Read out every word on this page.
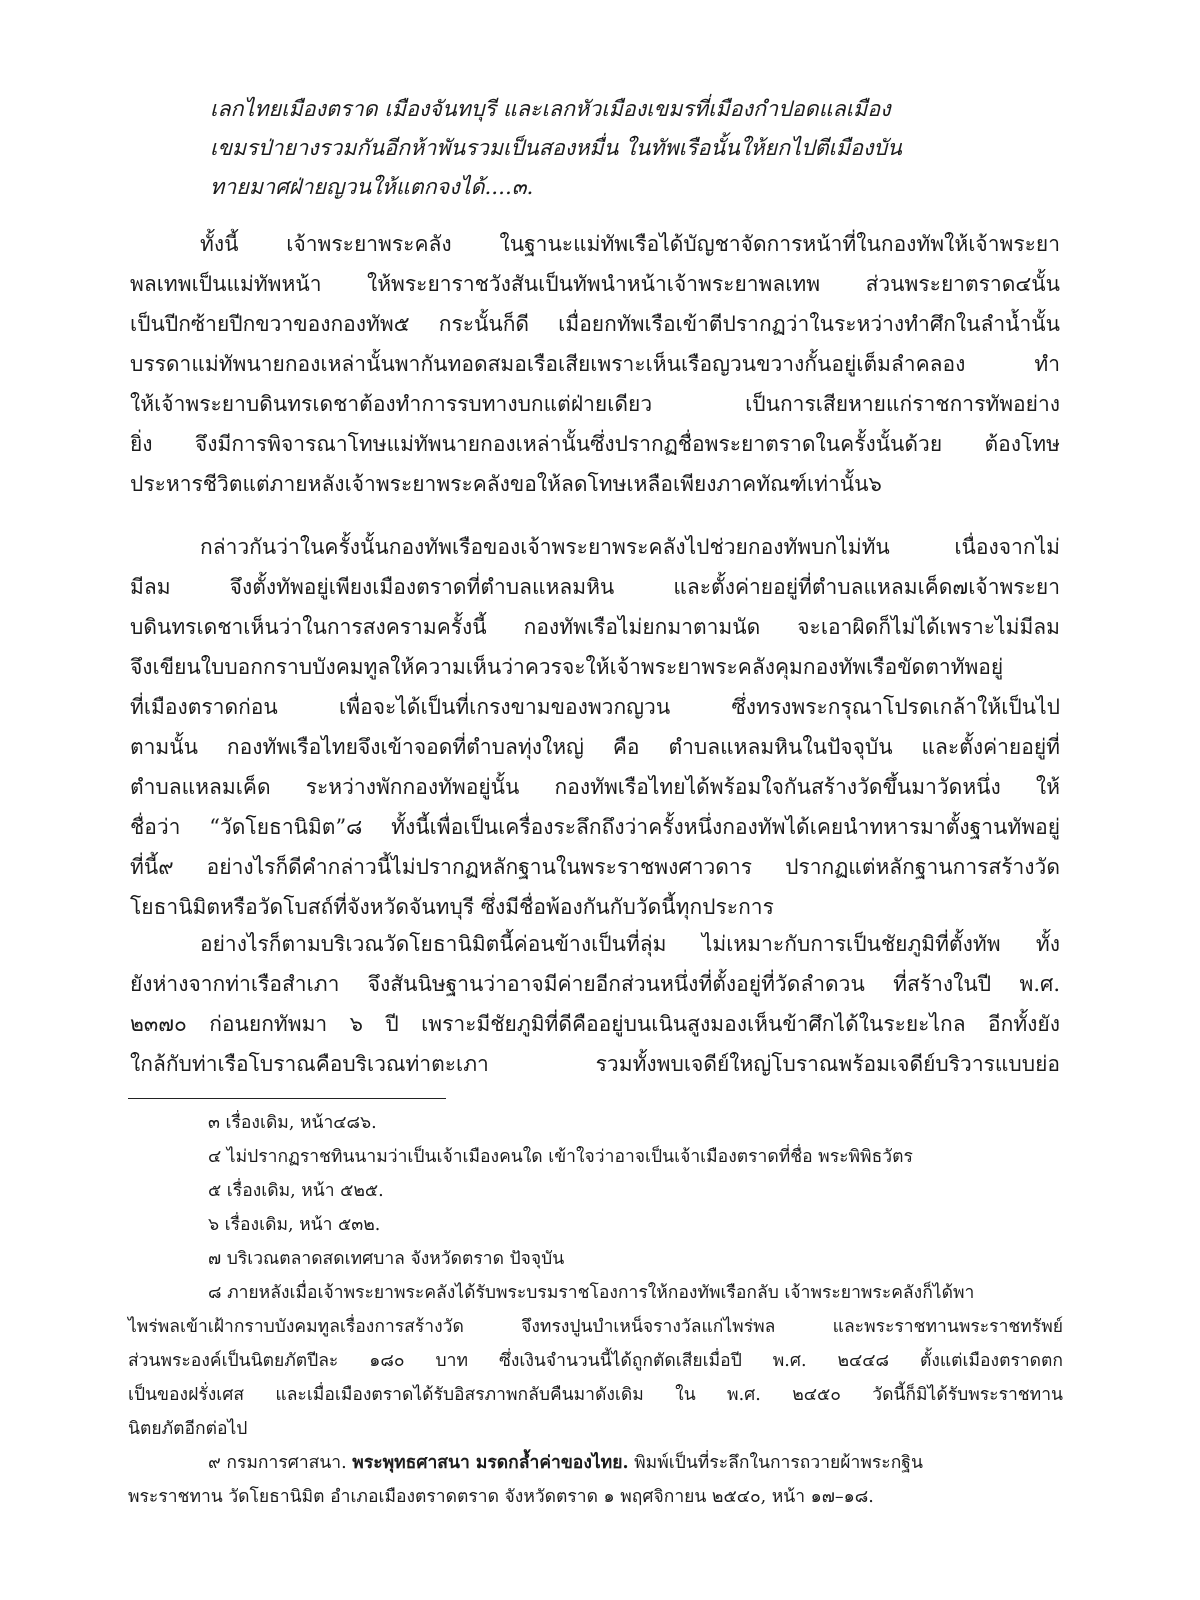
เลกไทยเมืองตราด เมืองจันทบุรี และเลกหัวเมืองเขมรที่เมืองกำปอดแลเมือง
เขมรป่ายางรวมกันอีกห้าพันรวมเป็นสองหมื่น ในทัพเรือนั้นให้ยกไปตีเมืองบัน
ทายมาศฝ่ายญวนให้แตกจงได้....๓.
ทั้งนี้ เจ้าพระยาพระคลัง ในฐานะแม่ทัพเรือได้บัญชาจัดการหน้าที่ในกองทัพให้เจ้าพระยา
พลเทพเป็นแม่ทัพหน้า ให้พระยาราชวังสันเป็นทัพนำหน้าเจ้าพระยาพลเทพ ส่วนพระยาตราด๔นั้น
เป็นปีกซ้ายปีกขวาของกองทัพ๕ กระนั้นก็ดี เมื่อยกทัพเรือเข้าตีปรากฏว่าในระหว่างทำศึกในลำน้ำนั้น
บรรดาแม่ทัพนายกองเหล่านั้นพากันทอดสมอเรือเสียเพราะเห็นเรือญวนขวางกั้นอยู่เต็มลำคลอง ทำ
ให้เจ้าพระยาบดินทรเดชาต้องทำการรบทางบกแต่ฝ่ายเดียว เป็นการเสียหายแก่ราชการทัพอย่าง
ยิ่ง จึงมีการพิจารณาโทษแม่ทัพนายกองเหล่านั้นซึ่งปรากฏชื่อพระยาตราดในครั้งนั้นด้วย ต้องโทษ
ประหารชีวิตแต่ภายหลังเจ้าพระยาพระคลังขอให้ลดโทษเหลือเพียงภาคทัณฑ์เท่านั้น๖
กล่าวกันว่าในครั้งนั้นกองทัพเรือของเจ้าพระยาพระคลังไปช่วยกองทัพบกไม่ทัน เนื่องจากไม่
มีลม จึงตั้งทัพอยู่เพียงเมืองตราดที่ตำบลแหลมหิน และตั้งค่ายอยู่ที่ตำบลแหลมเค็ด๗เจ้าพระยา
บดินทรเดชาเห็นว่าในการสงครามครั้งนี้ กองทัพเรือไม่ยกมาตามนัด จะเอาผิดก็ไม่ได้เพราะไม่มีลม
จึงเขียนใบบอกกราบบังคมทูลให้ความเห็นว่าควรจะให้เจ้าพระยาพระคลังคุมกองทัพเรือขัดตาทัพอยู่
ที่เมืองตราดก่อน เพื่อจะได้เป็นที่เกรงขามของพวกญวน ซึ่งทรงพระกรุณาโปรดเกล้าให้เป็นไป
ตามนั้น กองทัพเรือไทยจึงเข้าจอดที่ตำบลทุ่งใหญ่ คือ ตำบลแหลมหินในปัจจุบัน และตั้งค่ายอยู่ที่
ตำบลแหลมเค็ด ระหว่างพักกองทัพอยู่นั้น กองทัพเรือไทยได้พร้อมใจกันสร้างวัดขึ้นมาวัดหนึ่ง ให้
ชื่อว่า “วัดโยธานิมิต”๘ ทั้งนี้เพื่อเป็นเครื่องระลึกถึงว่าครั้งหนึ่งกองทัพได้เคยนำทหารมาตั้งฐานทัพอยู่
ที่นี้๙ อย่างไรก็ดีคำกล่าวนี้ไม่ปรากฏหลักฐานในพระราชพงศาวดาร ปรากฏแต่หลักฐานการสร้างวัด
โยธานิมิตหรือวัดโบสถ์ที่จังหวัดจันทบุรี ซึ่งมีชื่อพ้องกันกับวัดนี้ทุกประการ
อย่างไรก็ตามบริเวณวัดโยธานิมิตนี้ค่อนข้างเป็นที่ลุ่ม ไม่เหมาะกับการเป็นชัยภูมิที่ตั้งทัพ ทั้ง
ยังห่างจากท่าเรือสำเภา จึงสันนิษฐานว่าอาจมีค่ายอีกส่วนหนึ่งที่ตั้งอยู่ที่วัดลำดวน ที่สร้างในปี พ.ศ.
๒๓๗๐ ก่อนยกทัพมา ๖ ปี เพราะมีชัยภูมิที่ดีคืออยู่บนเนินสูงมองเห็นข้าศึกได้ในระยะไกล อีกทั้งยัง
ใกล้กับท่าเรือโบราณคือบริเวณท่าตะเภา รวมทั้งพบเจดีย์ใหญ่โบราณพร้อมเจดีย์บริวารแบบย่อ
๓ เรื่องเดิม, หน้า๔๘๖.
๔ ไม่ปรากฏราชทินนามว่าเป็นเจ้าเมืองคนใด เข้าใจว่าอาจเป็นเจ้าเมืองตราดที่ชื่อ พระพิพิธวัตร
๕ เรื่องเดิม, หน้า ๕๒๕.
๖ เรื่องเดิม, หน้า ๕๓๒.
๗ บริเวณตลาดสดเทศบาล จังหวัดตราด ปัจจุบัน
๘ ภายหลังเมื่อเจ้าพระยาพระคลังได้รับพระบรมราชโองการให้กองทัพเรือกลับ เจ้าพระยาพระคลังก็ได้พา
ไพร่พลเข้าเฝ้ากราบบังคมทูลเรื่องการสร้างวัด จึงทรงปูนบำเหน็จรางวัลแก่ไพร่พล และพระราชทานพระราชทรัพย์
ส่วนพระองค์เป็นนิตยภัตปีละ ๑๘๐ บาท ซึ่งเงินจำนวนนี้ได้ถูกตัดเสียเมื่อปี พ.ศ. ๒๔๔๘ ตั้งแต่เมืองตราดตก
เป็นของฝรั่งเศส และเมื่อเมืองตราดได้รับอิสรภาพกลับคืนมาดังเดิม ใน พ.ศ. ๒๔๕๐ วัดนี้ก็มิได้รับพระราชทาน
นิตยภัตอีกต่อไป
๙ กรมการศาสนา. พระพุทธศาสนา มรดกล้ำค่าของไทย. พิมพ์เป็นที่ระลึกในการถวายผ้าพระกฐิน
พระราชทาน วัดโยธานิมิต อำเภอเมืองตราดตราด จังหวัดตราด ๑ พฤศจิกายน ๒๕๔๐, หน้า ๑๗–๑๘.
